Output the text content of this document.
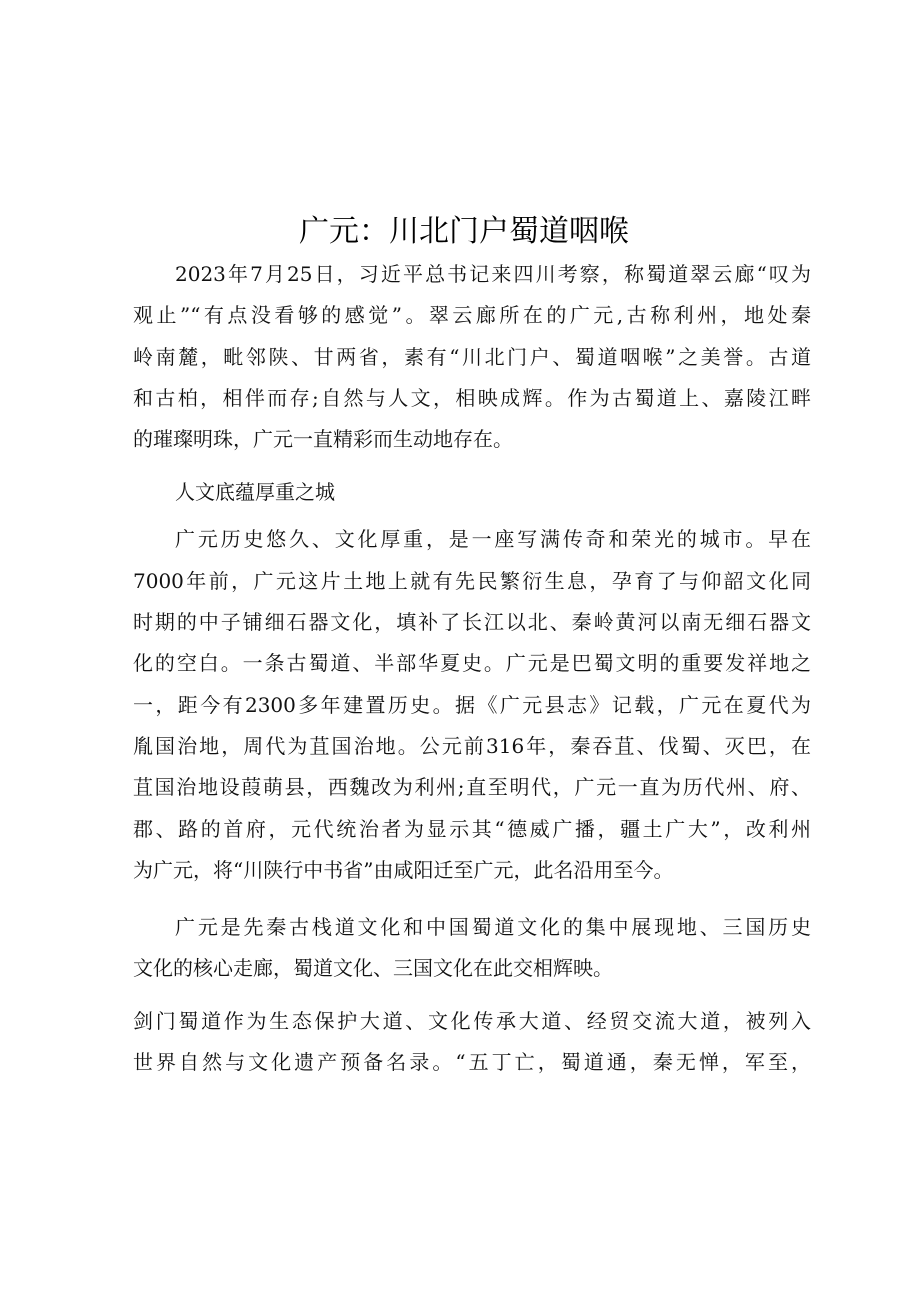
广元：川北门户蜀道咽喉
2023年7月25日，习近平总书记来四川考察，称蜀道翠云廊“叹为
观止”“有点没看够的感觉”。翠云廊所在的广元,古称利州，地处秦
岭南麓，毗邻陕、甘两省，素有“川北门户、蜀道咽喉”之美誉。古道
和古柏，相伴而存;自然与人文，相映成辉。作为古蜀道上、嘉陵江畔
的璀璨明珠，广元一直精彩而生动地存在。
人文底蕴厚重之城
广元历史悠久、文化厚重，是一座写满传奇和荣光的城市。早在
7000年前，广元这片土地上就有先民繁衍生息，孕育了与仰韶文化同
时期的中子铺细石器文化，填补了长江以北、秦岭黄河以南无细石器文
化的空白。一条古蜀道、半部华夏史。广元是巴蜀文明的重要发祥地之
一，距今有2300多年建置历史。据《广元县志》记载，广元在夏代为
胤国治地，周代为苴国治地。公元前316年，秦吞苴、伐蜀、灭巴，在
苴国治地设葭萌县，西魏改为利州;直至明代，广元一直为历代州、府、
郡、路的首府，元代统治者为显示其“德威广播，疆土广大”，改利州
为广元，将“川陕行中书省”由咸阳迁至广元，此名沿用至今。
广元是先秦古栈道文化和中国蜀道文化的集中展现地、三国历史
文化的核心走廊，蜀道文化、三国文化在此交相辉映。
剑门蜀道作为生态保护大道、文化传承大道、经贸交流大道，被列入
世界自然与文化遗产预备名录。“五丁亡，蜀道通，秦无惮，军至，
